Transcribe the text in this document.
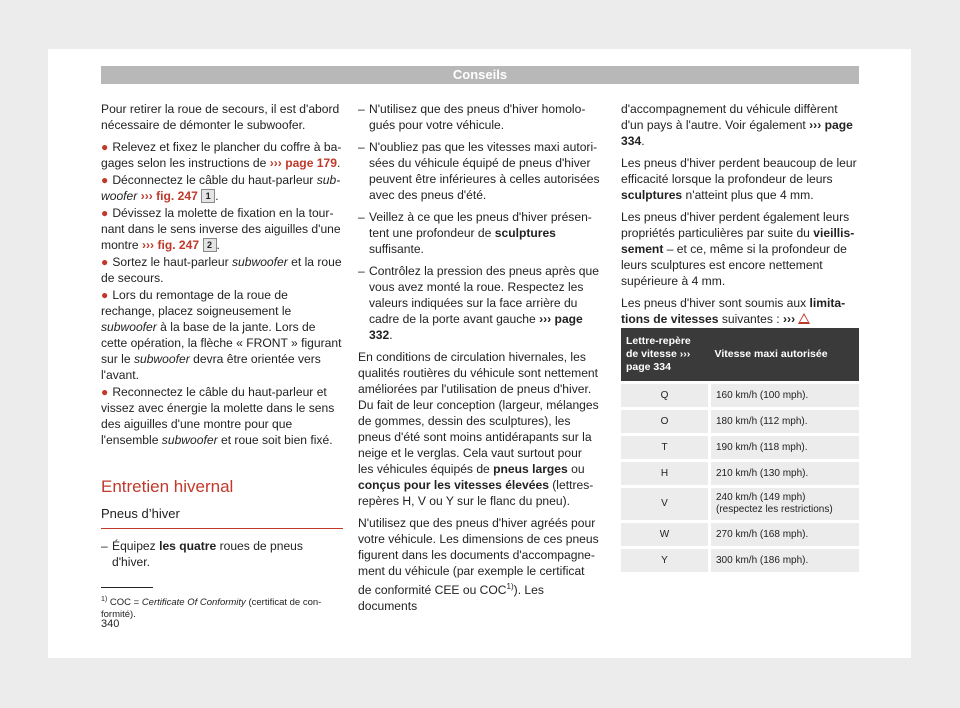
Conseils

Pour retirer la roue de secours, il est d'abord nécessaire de démonter le subwoofer.

● Relevez et fixez le plancher du coffre à bagages selon les instructions de ››› page 179.
● Déconnectez le câble du haut-parleur subwoofer ››› fig. 247 1 .
● Dévissez la molette de fixation en la tournant dans le sens inverse des aiguilles d'une montre ››› fig. 247 2 .
● Sortez le haut-parleur subwoofer et la roue de secours.
● Lors du remontage de la roue de rechange, placez soigneusement le subwoofer à la base de la jante. Lors de cette opération, la flèche « FRONT » figurant sur le subwoofer devra être orientée vers l'avant.
● Reconnectez le câble du haut-parleur et vissez avec énergie la molette dans le sens des aiguilles d'une montre pour que l'ensemble subwoofer et roue soit bien fixé.
Entretien hivernal
Pneus d’hiver
– Équipez les quatre roues de pneus d'hiver.
– N'utilisez que des pneus d'hiver homologués pour votre véhicule.
– N'oubliez pas que les vitesses maxi autorisées du véhicule équipé de pneus d'hiver peuvent être inférieures à celles autorisées avec des pneus d'été.
– Veillez à ce que les pneus d'hiver présentent une profondeur de sculptures suffisante.
– Contrôlez la pression des pneus après que vous avez monté la roue. Respectez les valeurs indiquées sur la face arrière du cadre de la porte avant gauche ››› page 332.

En conditions de circulation hivernales, les qualités routières du véhicule sont nettement améliorées par l'utilisation de pneus d'hiver. Du fait de leur conception (largeur, mélanges de gommes, dessin des sculptures), les pneus d'été sont moins antidérapants sur la neige et le verglas. Cela vaut surtout pour les véhicules équipés de pneus larges ou conçus pour les vitesses élevées (lettres-repères H, V ou Y sur le flanc du pneu).

N'utilisez que des pneus d'hiver agréés pour votre véhicule. Les dimensions de ces pneus figurent dans les documents d'accompagnement du véhicule (par exemple le certificat de conformité CEE ou COC$^{1)}$). Les documents

d'accompagnement du véhicule diffèrent d'un pays à l'autre. Voir également ››› page 334.

Les pneus d'hiver perdent beaucoup de leur efficacité lorsque la profondeur de leurs sculptures n'atteint plus que 4 mm.

Les pneus d'hiver perdent également leurs propriétés particulières par suite du vieillissement – et ce, même si la profondeur de leurs sculptures est encore nettement supérieure à 4 mm.

Les pneus d'hiver sont soumis aux limitations de vitesses suivantes : ›››

Lettre-repère de vitesse ››› page 334	Vitesse maxi autorisée
Q	160 km/h (100 mph).
O	180 km/h (112 mph).
T	190 km/h (118 mph).
H	210 km/h (130 mph).
V	240 km/h (149 mph) (respectez les restrictions)
W	270 km/h (168 mph).
Y	300 km/h (186 mph).
$^{1)}$ COC = Certificate Of Conformity (certificat de conformité).
340
